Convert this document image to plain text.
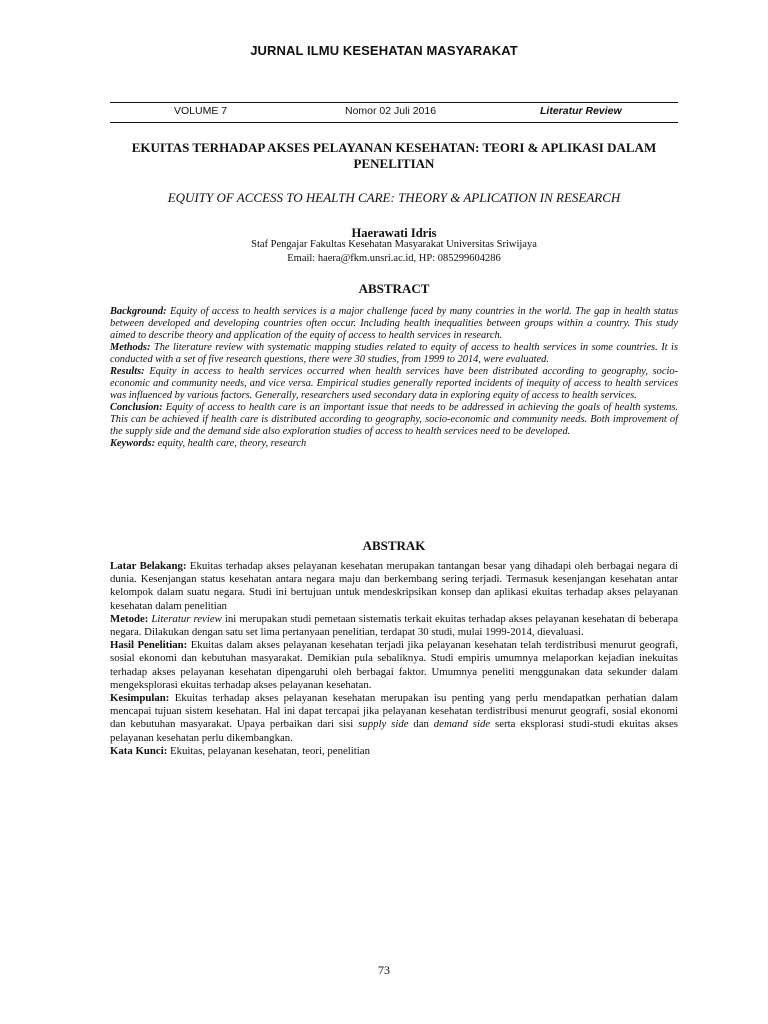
JURNAL ILMU KESEHATAN MASYARAKAT
VOLUME 7	Nomor 02 Juli 2016	Literatur Review
EKUITAS TERHADAP AKSES PELAYANAN KESEHATAN: TEORI & APLIKASI DALAM PENELITIAN
EQUITY OF ACCESS TO HEALTH CARE: THEORY & APLICATION IN RESEARCH
Haerawati Idris
Staf Pengajar Fakultas Kesehatan Masyarakat Universitas Sriwijaya
Email: haera@fkm.unsri.ac.id, HP: 085299604286
ABSTRACT

Background: Equity of access to health services is a major challenge faced by many countries in the world. The gap in health status between developed and developing countries often occur. Including health inequalities between groups within a country. This study aimed to describe theory and application of the equity of access to health services in research.

Methods: The literature review with systematic mapping studies related to equity of access to health services in some countries. It is conducted with a set of five research questions, there were 30 studies, from 1999 to 2014, were evaluated.

Results: Equity in access to health services occurred when health services have been distributed according to geography, socio-economic and community needs, and vice versa. Empirical studies generally reported incidents of inequity of access to health services was influenced by various factors. Generally, researchers used secondary data in exploring equity of access to health services.

Conclusion: Equity of access to health care is an important issue that needs to be addressed in achieving the goals of health systems. This can be achieved if health care is distributed according to geography, socio-economic and community needs. Both improvement of the supply side and the demand side also exploration studies of access to health services need to be developed.

Keywords: equity, health care, theory, research

ABSTRAK

Latar Belakang: Ekuitas terhadap akses pelayanan kesehatan merupakan tantangan besar yang dihadapi oleh berbagai negara di dunia. Kesenjangan status kesehatan antara negara maju dan berkembang sering terjadi. Termasuk kesenjangan kesehatan antar kelompok dalam suatu negara. Studi ini bertujuan untuk mendeskripsikan konsep dan aplikasi ekuitas terhadap akses pelayanan kesehatan dalam penelitian

Metode: Literatur review ini merupakan studi pemetaan sistematis terkait ekuitas terhadap akses pelayanan kesehatan di beberapa negara. Dilakukan dengan satu set lima pertanyaan penelitian, terdapat 30 studi, mulai 1999-2014, dievaluasi.

Hasil Penelitian: Ekuitas dalam akses pelayanan kesehatan terjadi jika pelayanan kesehatan telah terdistribusi menurut geografi, sosial ekonomi dan kebutuhan masyarakat. Demikian pula sebaliknya. Studi empiris umumnya melaporkan kejadian inekuitas terhadap akses pelayanan kesehatan dipengaruhi oleh berbagai faktor. Umumnya peneliti menggunakan data sekunder dalam mengeksplorasi ekuitas terhadap akses pelayanan kesehatan.

Kesimpulan: Ekuitas terhadap akses pelayanan kesehatan merupakan isu penting yang perlu mendapatkan perhatian dalam mencapai tujuan sistem kesehatan. Hal ini dapat tercapai jika pelayanan kesehatan terdistribusi menurut geografi, sosial ekonomi dan kebutuhan masyarakat. Upaya perbaikan dari sisi supply side dan demand side serta eksplorasi studi-studi ekuitas akses pelayanan kesehatan perlu dikembangkan.

Kata Kunci: Ekuitas, pelayanan kesehatan, teori, penelitian

73
